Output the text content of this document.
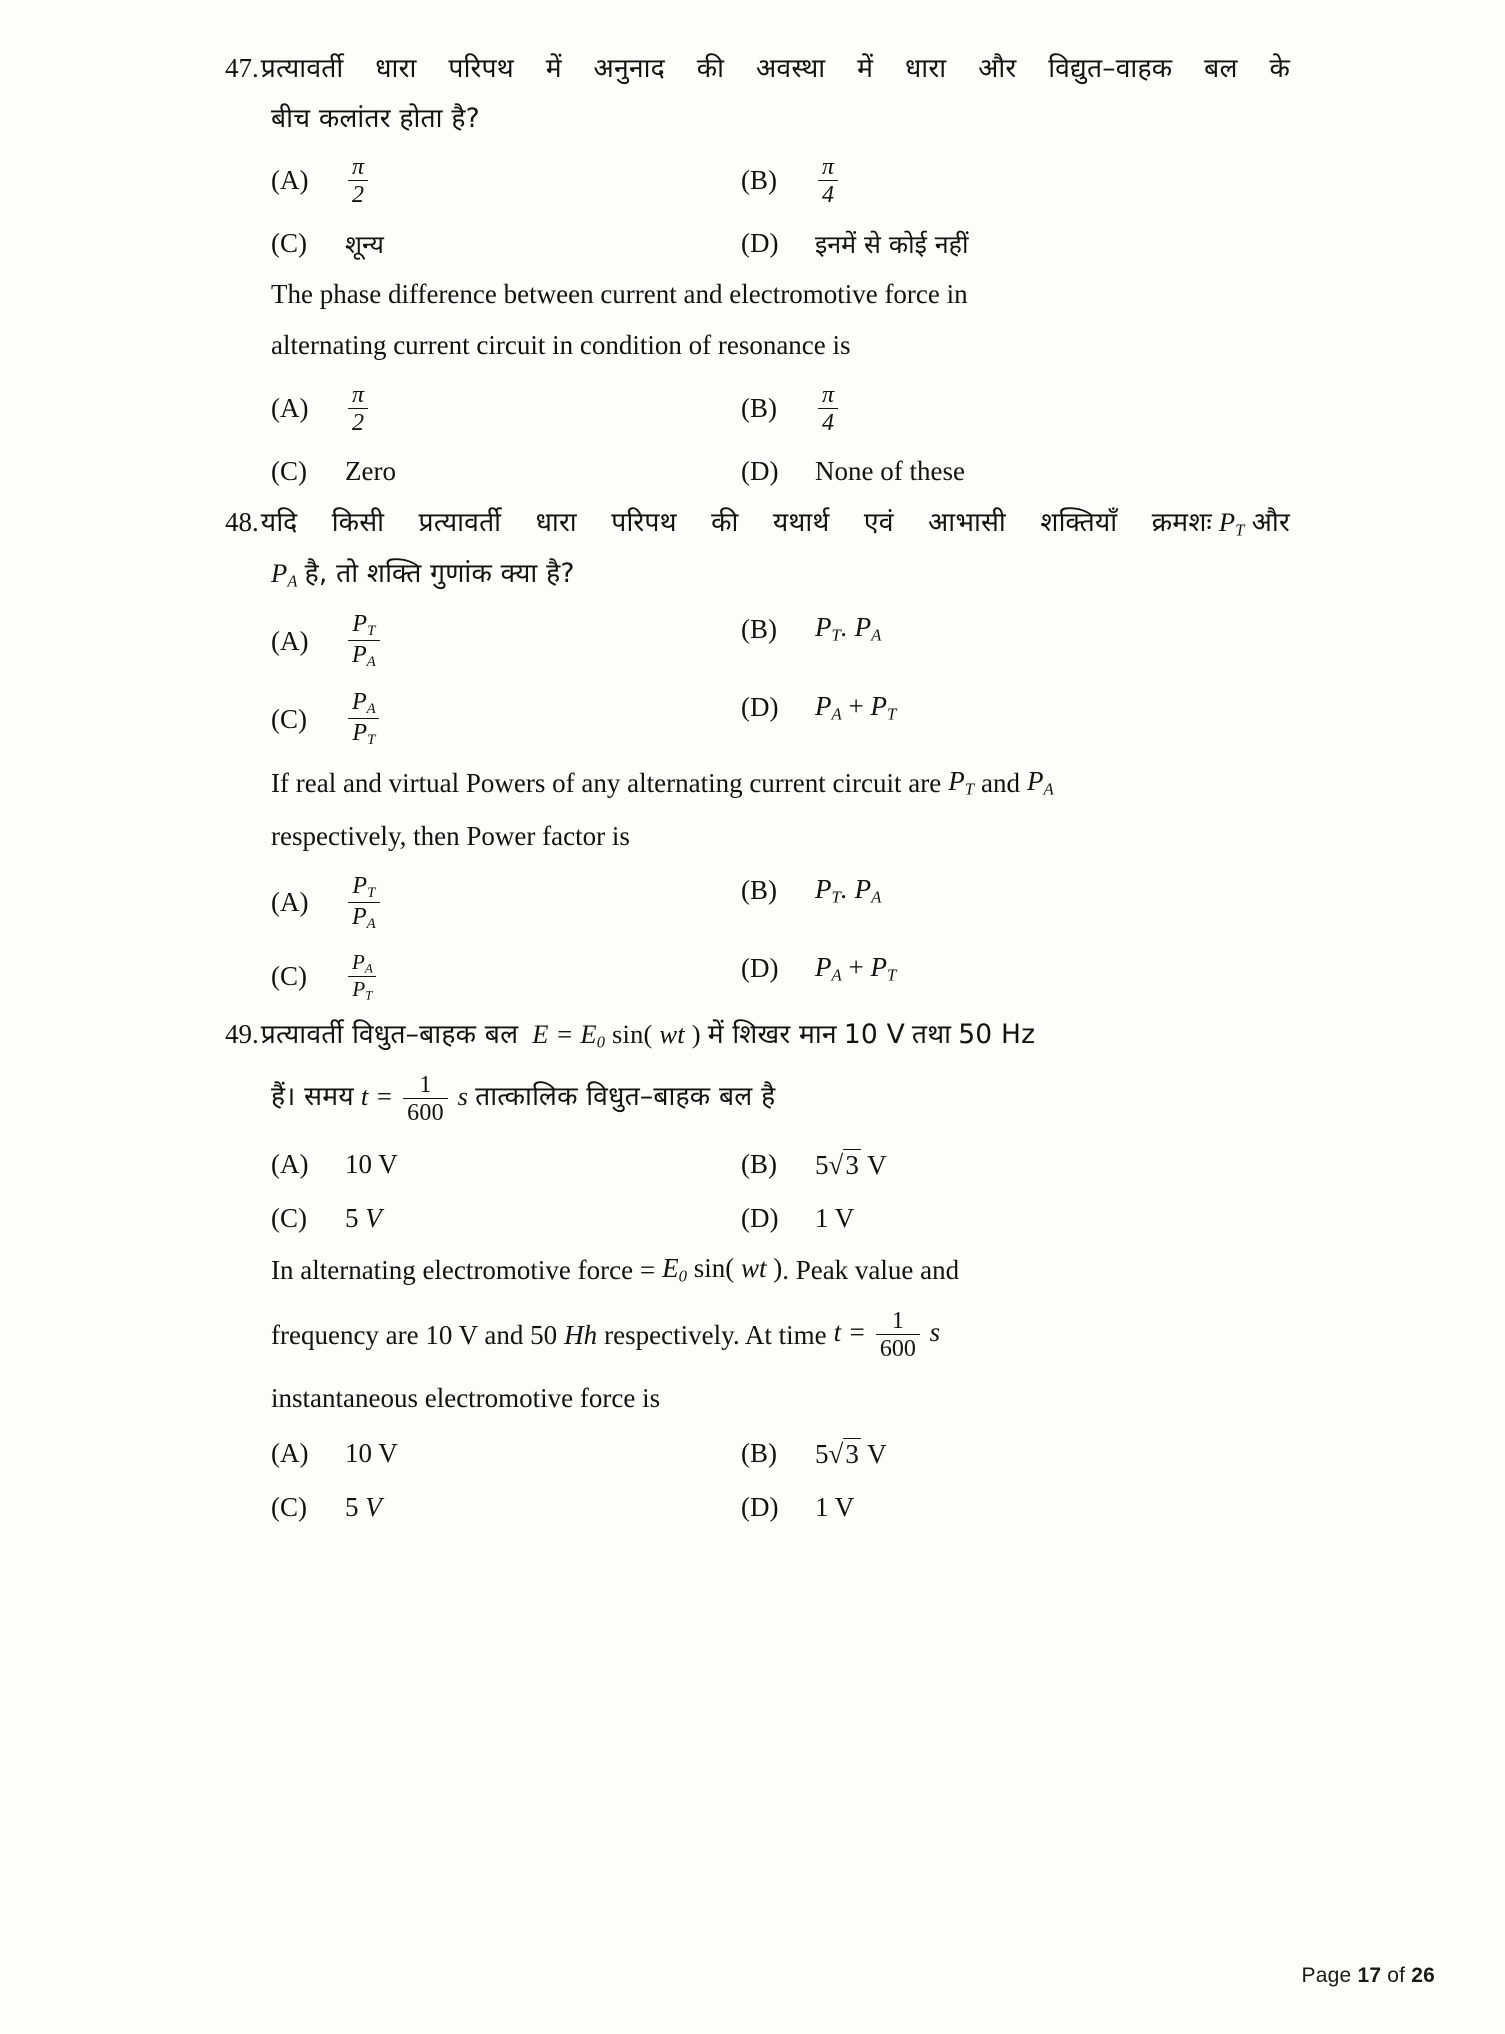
47. प्रत्यावर्ती धारा परिपथ में अनुनाद की अवस्था में धारा और विद्युत–वाहक बल के
बीच कलांतर होता है?
(A)	$\frac{\pi}{2}$	(B)	$\frac{\pi}{4}$
(C)	शून्य	(D)	इनमें से कोई नहीं
The phase difference between current and electromotive force in
alternating current circuit in condition of resonance is
(A)	$\frac{\pi}{2}$	(B)	$\frac{\pi}{4}$
(C)	Zero	(D)	None of these
48. यदि किसी प्रत्यावर्ती धारा परिपथ की यथार्थ एवं आभासी शक्तियाँ क्रमशः $P_T$ और
$P_A$ है, तो शक्ति गुणांक क्या है?
(A)	$\frac{P_T}{P_A}$	(B)	$P_T$. $P_A$
(C)	$\frac{P_A}{P_T}$	(D)	$P_A + P_T$
If real and virtual Powers of any alternating current circuit are $P_T$ and $P_A$
respectively, then Power factor is
(A)	$\frac{P_T}{P_A}$	(B)	$P_T$. $P_A$
(C)	$\frac{P_A}{P_T}$	(D)	$P_A + P_T$
49. प्रत्यावर्ती विधुत–बाहक बल $E = E_0$ sin( wt ) में शिखर मान 10 V तथा 50 Hz
हैं। समय $t = \frac{1}{600}$ s तात्कालिक विधुत–बाहक बल है
(A)	10 V	(B)	5 √ 3 V
(C)	5 V	(D)	1 V
In alternating electromotive force = $E_0$ sin( wt ) . Peak value and
frequency are 10 V and 50 Hh respectively. At time $t = \frac{1}{600}$ s
instantaneous electromotive force is
(A)	10 V	(B)	5 √ 3 V
(C)	5 V	(D)	1 V
Page 17 of 26
